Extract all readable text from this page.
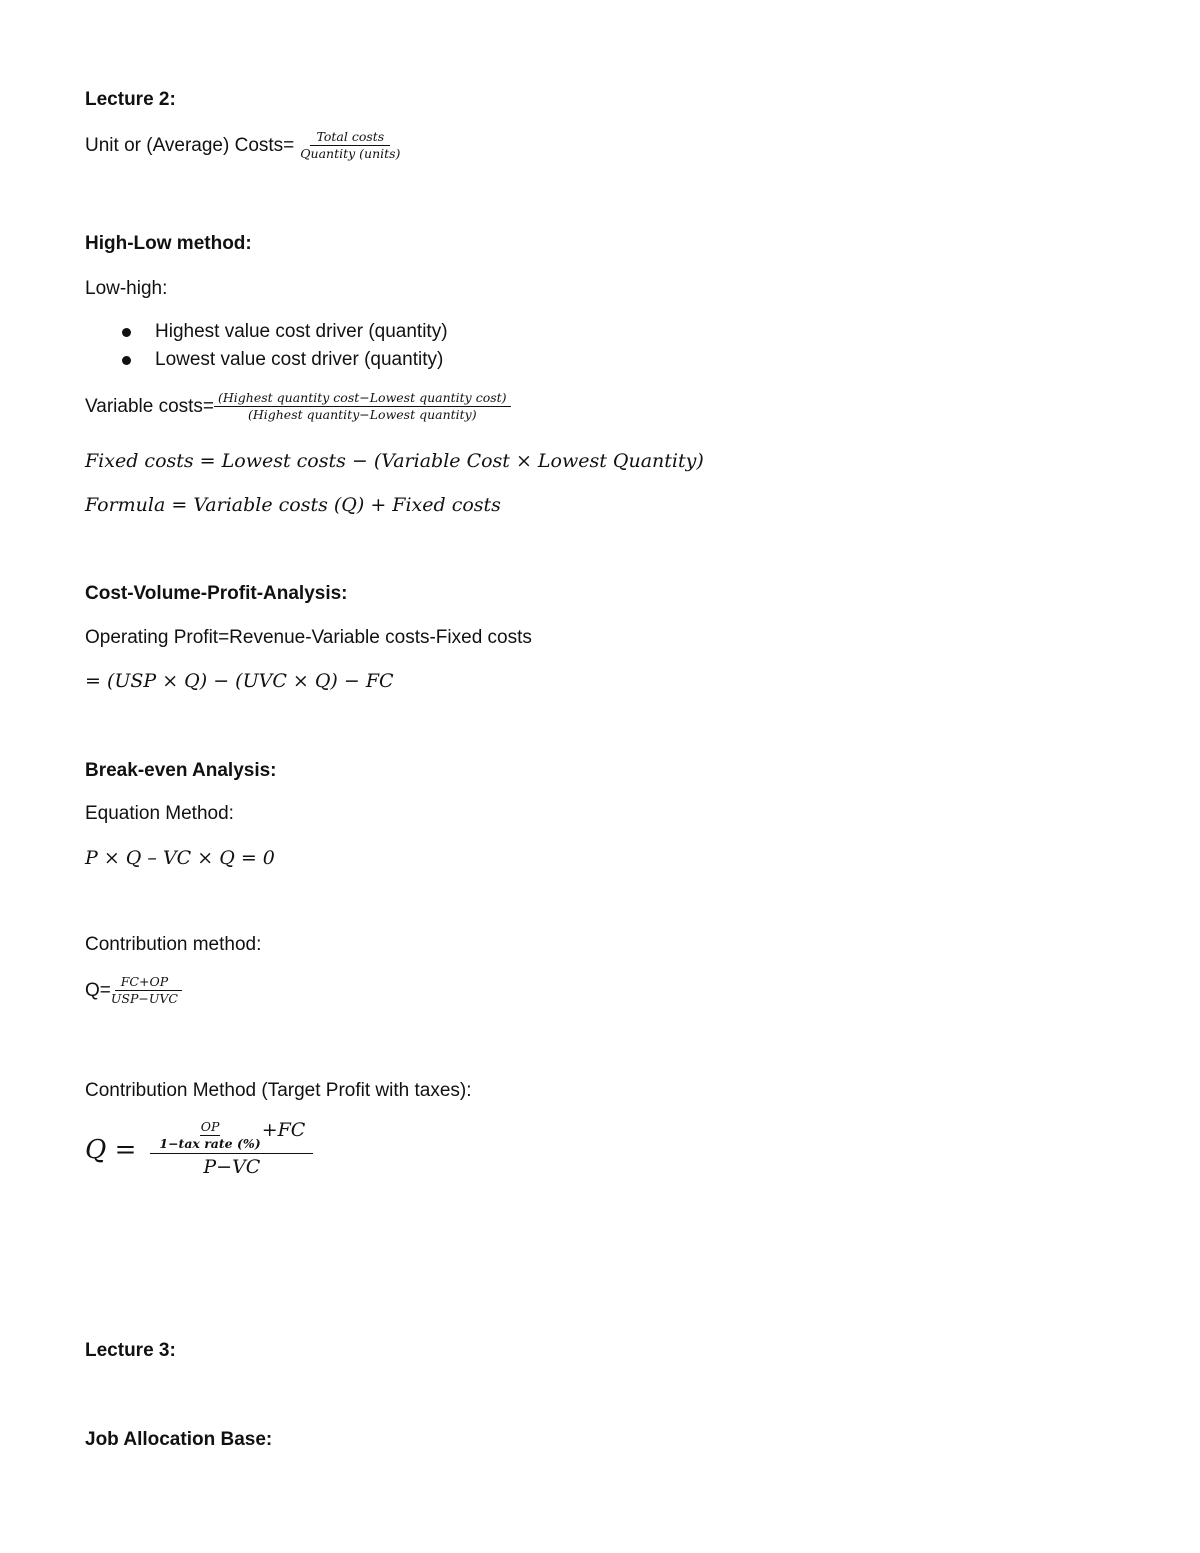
Lecture 2:
Unit or (Average) Costs= $\frac{\text{Total costs}}{\text{Quantity (units)}}$
High-Low method:
Low-high:
Highest value cost driver (quantity)
Lowest value cost driver (quantity)
Variable costs= $\frac{\text{(Highest quantity cost−Lowest quantity cost)}}{\text{(Highest quantity−Lowest quantity)}}$
Fixed costs = Lowest costs − (Variable Cost × Lowest Quantity)
Formula = Variable costs (Q) + Fixed costs
Cost-Volume-Profit-Analysis:
Operating Profit=Revenue-Variable costs-Fixed costs
= (USP × Q) − (UVC × Q) − FC
Break-even Analysis:
Equation Method:
P × Q – VC × Q = 0
Contribution method:
$Q= \frac{FC+OP}{\text{USP−UVC}}$
Contribution Method (Target Profit with taxes):
$Q = \frac{\frac{OP}{\text{1−tax rate (\%)}} +FC}{P-VC}$
Lecture 3:
Job Allocation Base:
